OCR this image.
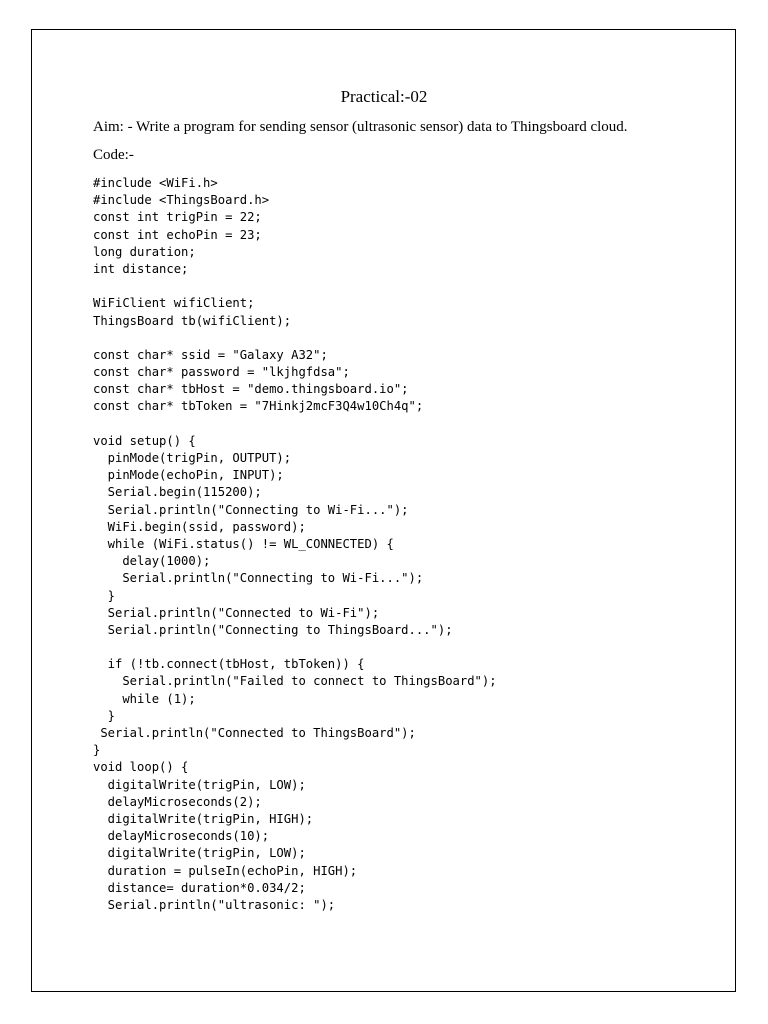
Practical:-02
Aim: - Write a program for sending sensor (ultrasonic sensor) data to Thingsboard cloud.
Code:-
#include <WiFi.h>
#include <ThingsBoard.h>
const int trigPin = 22;
const int echoPin = 23;
long duration;
int distance;
WiFiClient wifiClient;
ThingsBoard tb(wifiClient);
const char* ssid = "Galaxy A32";
const char* password = "lkjhgfdsa";
const char* tbHost = "demo.thingsboard.io";
const char* tbToken = "7Hinkj2mcF3Q4w10Ch4q";
void setup() {
pinMode(trigPin, OUTPUT);
pinMode(echoPin, INPUT);
Serial.begin(115200);
Serial.println("Connecting to Wi-Fi...");
WiFi.begin(ssid, password);
while (WiFi.status() != WL_CONNECTED) {
delay(1000);
Serial.println("Connecting to Wi-Fi...");
}
Serial.println("Connected to Wi-Fi");
Serial.println("Connecting to ThingsBoard...");
if (!tb.connect(tbHost, tbToken)) {
Serial.println("Failed to connect to ThingsBoard");
while (1);
}
Serial.println("Connected to ThingsBoard");
}
void loop() {
digitalWrite(trigPin, LOW);
delayMicroseconds(2);
digitalWrite(trigPin, HIGH);
delayMicroseconds(10);
digitalWrite(trigPin, LOW);
duration = pulseIn(echoPin, HIGH);
distance= duration*0.034/2;
Serial.println("ultrasonic: ");
